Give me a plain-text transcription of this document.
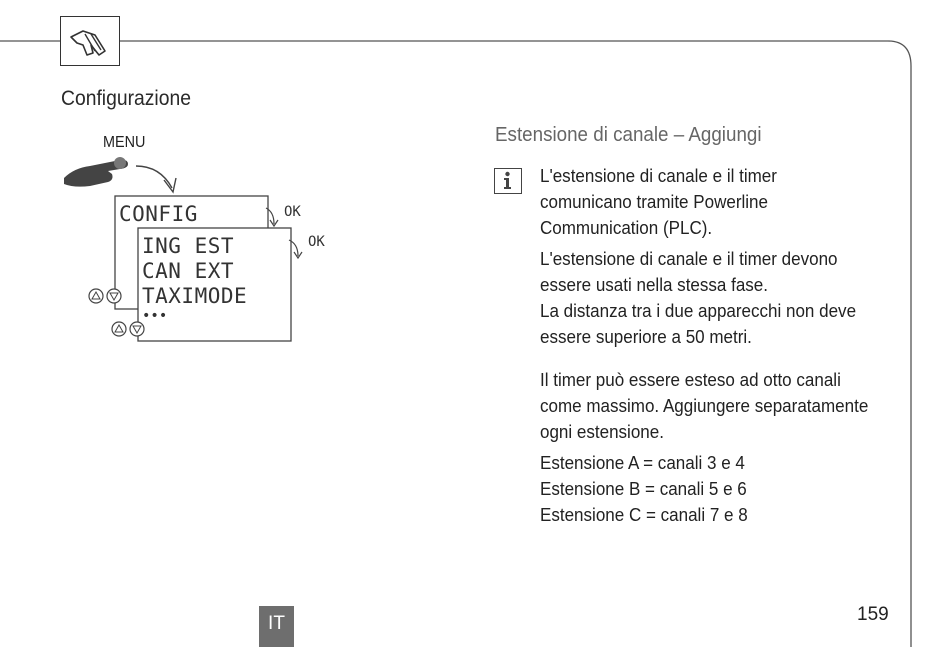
Configurazione
MENU
CONFIG	OK
ING EST
CAN EXT
TAXIMODE
•••
OK
Estensione di canale – Aggiungi

L'estensione di canale e il timer

comunicano tramite Powerline

Communication (PLC).

L'estensione di canale e il timer devono

essere usati nella stessa fase.

La distanza tra i due apparecchi non deve

essere superiore a 50 metri.

Il timer può essere esteso ad otto canali

come massimo. Aggiungere separatamente

ogni estensione.

Estensione A = canali 3 e 4

Estensione B = canali 5 e 6

Estensione C = canali 7 e 8

IT	159
